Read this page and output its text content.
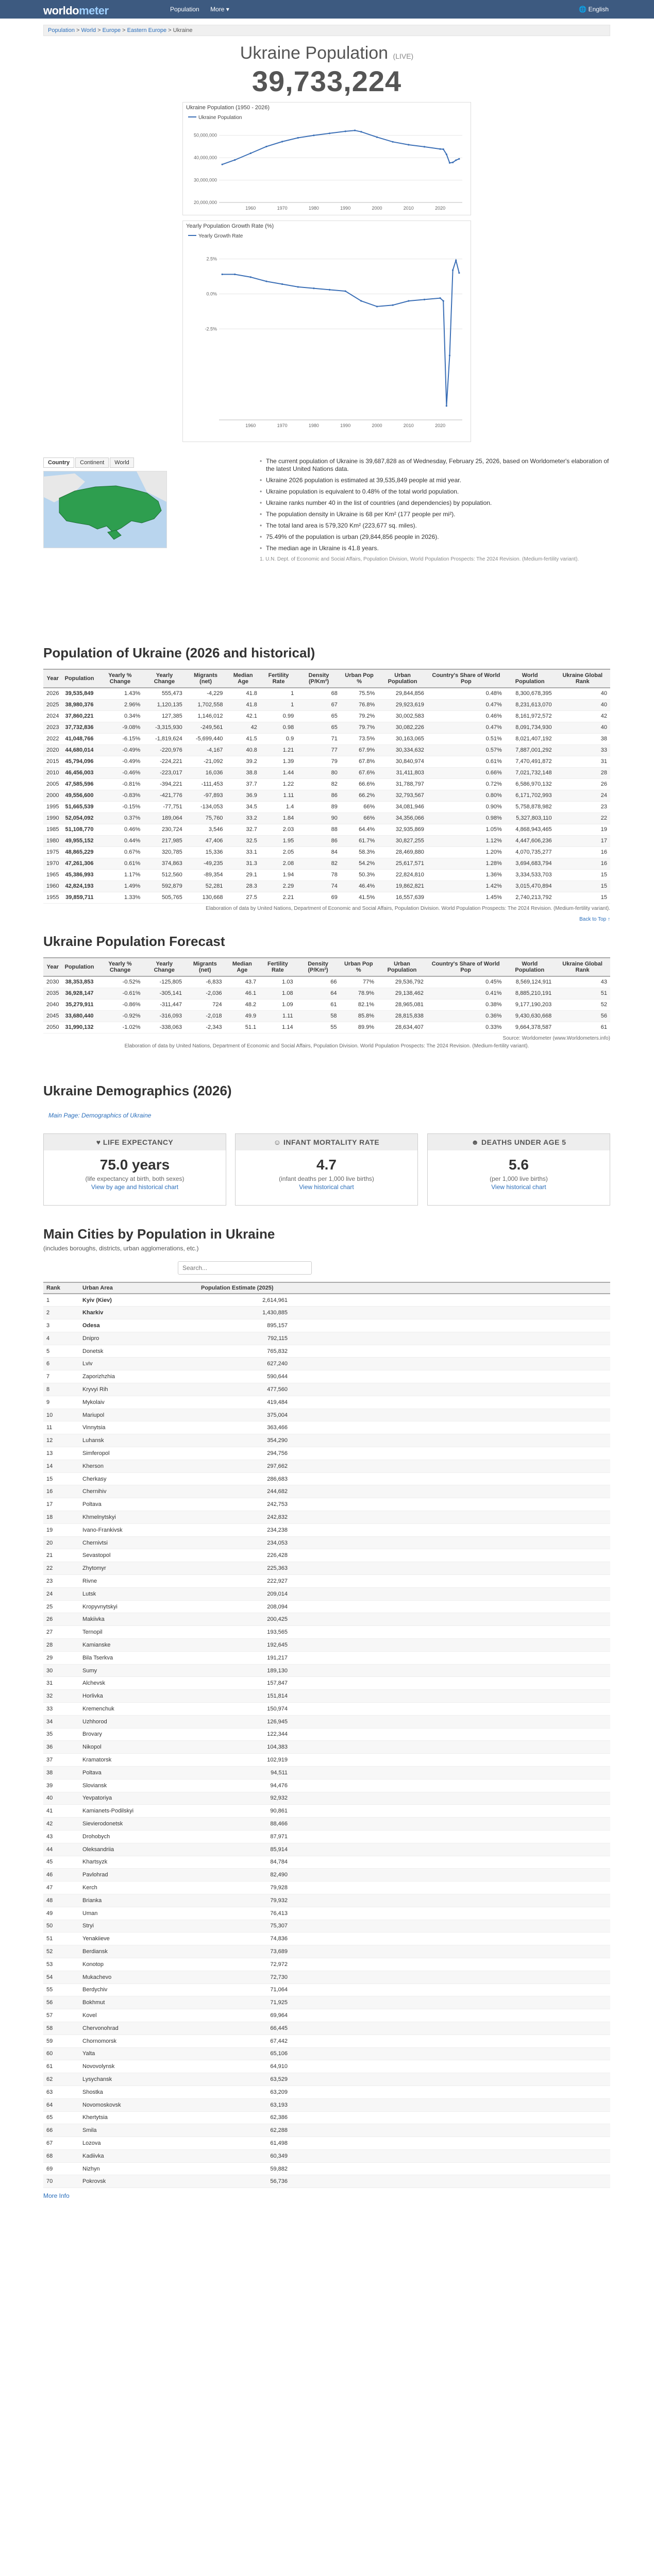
worldometer	Population More ▾	🌐 English
Population > World > Europe > Eastern Europe > Ukraine
Ukraine Population (LIVE)
39,733,224
Ukraine Population (1950 - 2026)
Ukraine Population
50,000,000
40,000,000
30,000,000
20,000,000
1960	1970	1980	1990	2000	2010	2020
Yearly Population Growth Rate (%)
Yearly Growth Rate
2.5%
0.0%
-2.5%
1960	1970	1980	1990	2000	2010	2020
Country Continent World	• The current population of Ukraine is 39,687,828 as of Wednesday, February 25, 2026, based on Worldometer's elaboration of the latest United Nations data.
• Ukraine 2026 population is estimated at 39,535,849 people at mid year.
• Ukraine population is equivalent to 0.48% of the total world population.
• Ukraine ranks number 40 in the list of countries (and dependencies) by population.
• The population density in Ukraine is 68 per Km² (177 people per mi²).
• The total land area is 579,320 Km² (223,677 sq. miles).
• 75.49% of the population is urban (29,844,856 people in 2026).
• The median age in Ukraine is 41.8 years.
1. U.N. Dept. of Economic and Social Affairs, Population Division, World Population Prospects: The 2024 Revision. (Medium-fertility variant).
Population of Ukraine (2026 and historical)
Year	Population	Yearly % Change	Yearly Change	Migrants (net)	Median Age	Fertility Rate	Density (P/Km²)	Urban Pop %	Urban Population	Country's Share of World Pop	World Population	Ukraine Global Rank
2026	39,535,849	1.43%	555,473	-4,229	41.8	1	68	75.5%	29,844,856	0.48%	8,300,678,395	40
2025	38,980,376	2.96%	1,120,135	1,702,558	41.8	1	67	76.8%	29,923,619	0.47%	8,231,613,070	40
2024	37,860,221	0.34%	127,385	1,146,012	42.1	0.99	65	79.2%	30,002,583	0.46%	8,161,972,572	42
2023	37,732,836	-9.08%	-3,315,930	-249,561	42	0.98	65	79.7%	30,082,226	0.47%	8,091,734,930	40
2022	41,048,766	-6.15%	-1,819,624	-5,699,440	41.5	0.9	71	73.5%	30,163,065	0.51%	8,021,407,192	38
2020	44,680,014	-0.49%	-220,976	-4,167	40.8	1.21	77	67.9%	30,334,632	0.57%	7,887,001,292	33
2015	45,794,096	-0.49%	-224,221	-21,092	39.2	1.39	79	67.8%	30,840,974	0.61%	7,470,491,872	31
2010	46,456,003	-0.46%	-223,017	16,036	38.8	1.44	80	67.6%	31,411,803	0.66%	7,021,732,148	28
2005	47,585,596	-0.81%	-394,221	-111,453	37.7	1.22	82	66.6%	31,788,797	0.72%	6,586,970,132	26
2000	49,556,600	-0.83%	-421,776	-97,893	36.9	1.11	86	66.2%	32,793,567	0.80%	6,171,702,993	24
1995	51,665,539	-0.15%	-77,751	-134,053	34.5	1.4	89	66%	34,081,946	0.90%	5,758,878,982	23
1990	52,054,092	0.37%	189,064	75,760	33.2	1.84	90	66%	34,356,066	0.98%	5,327,803,110	22
1985	51,108,770	0.46%	230,724	3,546	32.7	2.03	88	64.4%	32,935,869	1.05%	4,868,943,465	19
1980	49,955,152	0.44%	217,985	47,406	32.5	1.95	86	61.7%	30,827,255	1.12%	4,447,606,236	17
1975	48,865,229	0.67%	320,785	15,336	33.1	2.05	84	58.3%	28,469,880	1.20%	4,070,735,277	16
1970	47,261,306	0.61%	374,863	-49,235	31.3	2.08	82	54.2%	25,617,571	1.28%	3,694,683,794	16
1965	45,386,993	1.17%	512,560	-89,354	29.1	1.94	78	50.3%	22,824,810	1.36%	3,334,533,703	15
1960	42,824,193	1.49%	592,879	52,281	28.3	2.29	74	46.4%	19,862,821	1.42%	3,015,470,894	15
1955	39,859,711	1.33%	505,765	130,668	27.5	2.21	69	41.5%	16,557,639	1.45%	2,740,213,792	15
Elaboration of data by United Nations, Department of Economic and Social Affairs, Population Division. World Population Prospects: The 2024 Revision. (Medium-fertility variant).
Back to Top ↑
Ukraine Population Forecast
Year	Population	Yearly % Change	Yearly Change	Migrants (net)	Median Age	Fertility Rate	Density (P/Km²)	Urban Pop %	Urban Population	Country's Share of World Pop	World Population	Ukraine Global Rank
2030	38,353,853	-0.52%	-125,805	-6,833	43.7	1.03	66	77%	29,536,792	0.45%	8,569,124,911	43
2035	36,928,147	-0.61%	-305,141	-2,036	46.1	1.08	64	78.9%	29,138,462	0.41%	8,885,210,191	51
2040	35,279,911	-0.86%	-311,447	724	48.2	1.09	61	82.1%	28,965,081	0.38%	9,177,190,203	52
2045	33,680,440	-0.92%	-316,093	-2,018	49.9	1.11	58	85.8%	28,815,838	0.36%	9,430,630,668	56
2050	31,990,132	-1.02%	-338,063	-2,343	51.1	1.14	55	89.9%	28,634,407	0.33%	9,664,378,587	61
Source: Worldometer (www.Worldometers.info)
Elaboration of data by United Nations, Department of Economic and Social Affairs, Population Division. World Population Prospects: The 2024 Revision. (Medium-fertility variant).
Ukraine Demographics (2026)
Main Page: Demographics of Ukraine
♥ LIFE EXPECTANCY
75.0 years
(life expectancy at birth, both sexes)
View by age and historical chart
☺ INFANT MORTALITY RATE
4.7
(infant deaths per 1,000 live births)
View historical chart
☻ DEATHS UNDER AGE 5
5.6
(per 1,000 live births)
View historical chart
Main Cities by Population in Ukraine
(includes boroughs, districts, urban agglomerations, etc.)
Search...
Rank	Urban Area	Population Estimate (2025)	
1	Kyiv (Kiev)	2,614,961	
2	Kharkiv	1,430,885	
3	Odesa	895,157	
4	Dnipro	792,115	
5	Donetsk	765,832	
6	Lviv	627,240	
7	Zaporizhzhia	590,644	
8	Kryvyi Rih	477,560	
9	Mykolaiv	419,484	
10	Mariupol	375,004	
11	Vinnytsia	363,466	
12	Luhansk	354,290	
13	Simferopol	294,756	
14	Kherson	297,662	
15	Cherkasy	286,683	
16	Chernihiv	244,682	
17	Poltava	242,753	
18	Khmelnytskyi	242,832	
19	Ivano-Frankivsk	234,238	
20	Chernivtsi	234,053	
21	Sevastopol	226,428	
22	Zhytomyr	225,363	
23	Rivne	222,927	
24	Lutsk	209,014	
25	Kropyvnytskyi	208,094	
26	Makiivka	200,425	
27	Ternopil	193,565	
28	Kamianske	192,645	
29	Bila Tserkva	191,217	
30	Sumy	189,130	
31	Alchevsk	157,847	
32	Horlivka	151,814	
33	Kremenchuk	150,974	
34	Uzhhorod	126,945	
35	Brovary	122,344	
36	Nikopol	104,383	
37	Kramatorsk	102,919	
38	Poltava	94,511	
39	Sloviansk	94,476	
40	Yevpatoriya	92,932	
41	Kamianets-Podilskyi	90,861	
42	Sievierodonetsk	88,466	
43	Drohobych	87,971	
44	Oleksandriia	85,914	
45	Khartsyzk	84,784	
46	Pavlohrad	82,490	
47	Kerch	79,928	
48	Brianka	79,932	
49	Uman	76,413	
50	Stryi	75,307	
51	Yenakiieve	74,836	
52	Berdiansk	73,689	
53	Konotop	72,972	
54	Mukachevo	72,730	
55	Berdychiv	71,064	
56	Bokhmut	71,925	
57	Kovel	69,964	
58	Chervonohrad	66,445	
59	Chornomorsk	67,442	
60	Yalta	65,106	
61	Novovolynsk	64,910	
62	Lysychansk	63,529	
63	Shostka	63,209	
64	Novomoskovsk	63,193	
65	Khertytsia	62,386	
66	Smila	62,288	
67	Lozova	61,498	
68	Kadiivka	60,349	
69	Nizhyn	59,882	
70	Pokrovsk	56,736	
More Info
